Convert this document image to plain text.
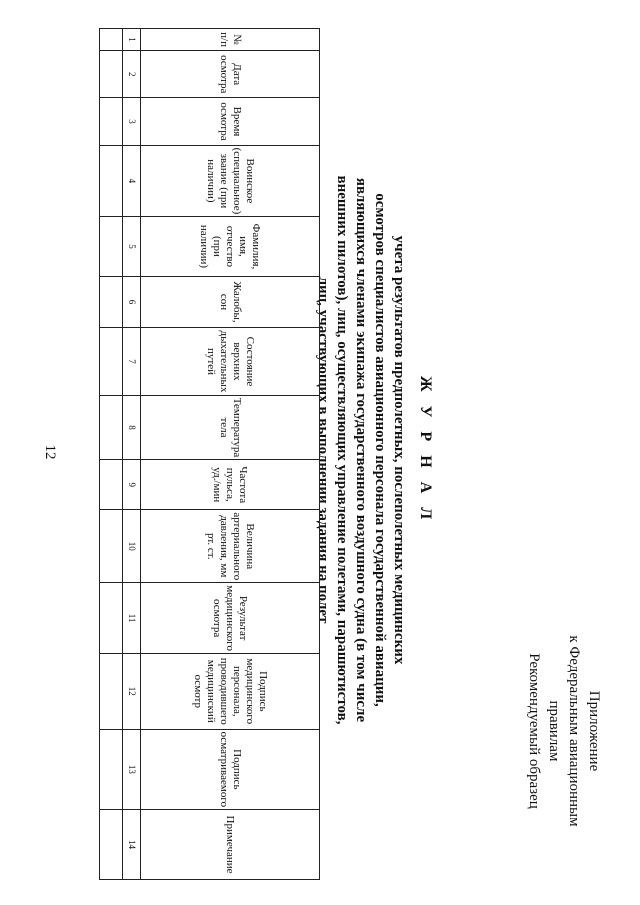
12
Приложение
к Федеральным авиационным
правилам
Рекомендуемый образец
Ж У Р Н А Л
учета результатов предполетных, послеполетных медицинских
осмотров специалистов авиационного персонала государственной авиации,
являющихся членами экипажа государственного воздушного судна (в том числе
внешних пилотов), лиц, осуществляющих управление полетами, парашютистов,
лиц, участвующих в выполнении задания на полет
№ п/п	Дата осмотра	Время осмотра	Воинское (специальное) звание (при наличии)	Фамилия, имя, отчество (при наличии)	Жалобы, сон	Состояние верхних дыхательных путей	Температура тела	Частота пульса, уд./мин	Величина артериального давления, мм рт. ст.	Результат медицинского осмотра	Подпись медицинского персонала, проводившего медицинский осмотр	Подпись осматриваемого	Примечание
1	2	3	4	5	6	7	8	9	10	11	12	13	14
